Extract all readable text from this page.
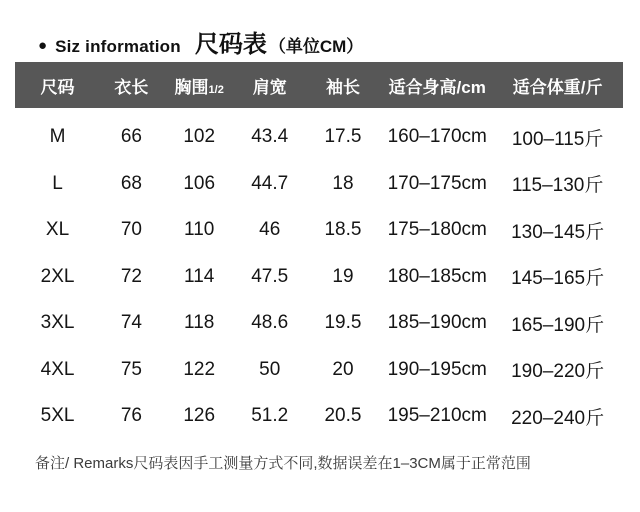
● Siz information 尺码表 （单位CM）
尺码	衣长	胸围1/2	肩宽	袖长	适合身高/cm	适合体重/斤
M	66	102	43.4	17.5	160–170cm	100–115斤
L	68	106	44.7	18	170–175cm	115–130斤
XL	70	110	46	18.5	175–180cm	130–145斤
2XL	72	114	47.5	19	180–185cm	145–165斤
3XL	74	118	48.6	19.5	185–190cm	165–190斤
4XL	75	122	50	20	190–195cm	190–220斤
5XL	76	126	51.2	20.5	195–210cm	220–240斤
备注/ Remarks尺码表因手工测量方式不同,数据误差在1–3CM属于正常范围
